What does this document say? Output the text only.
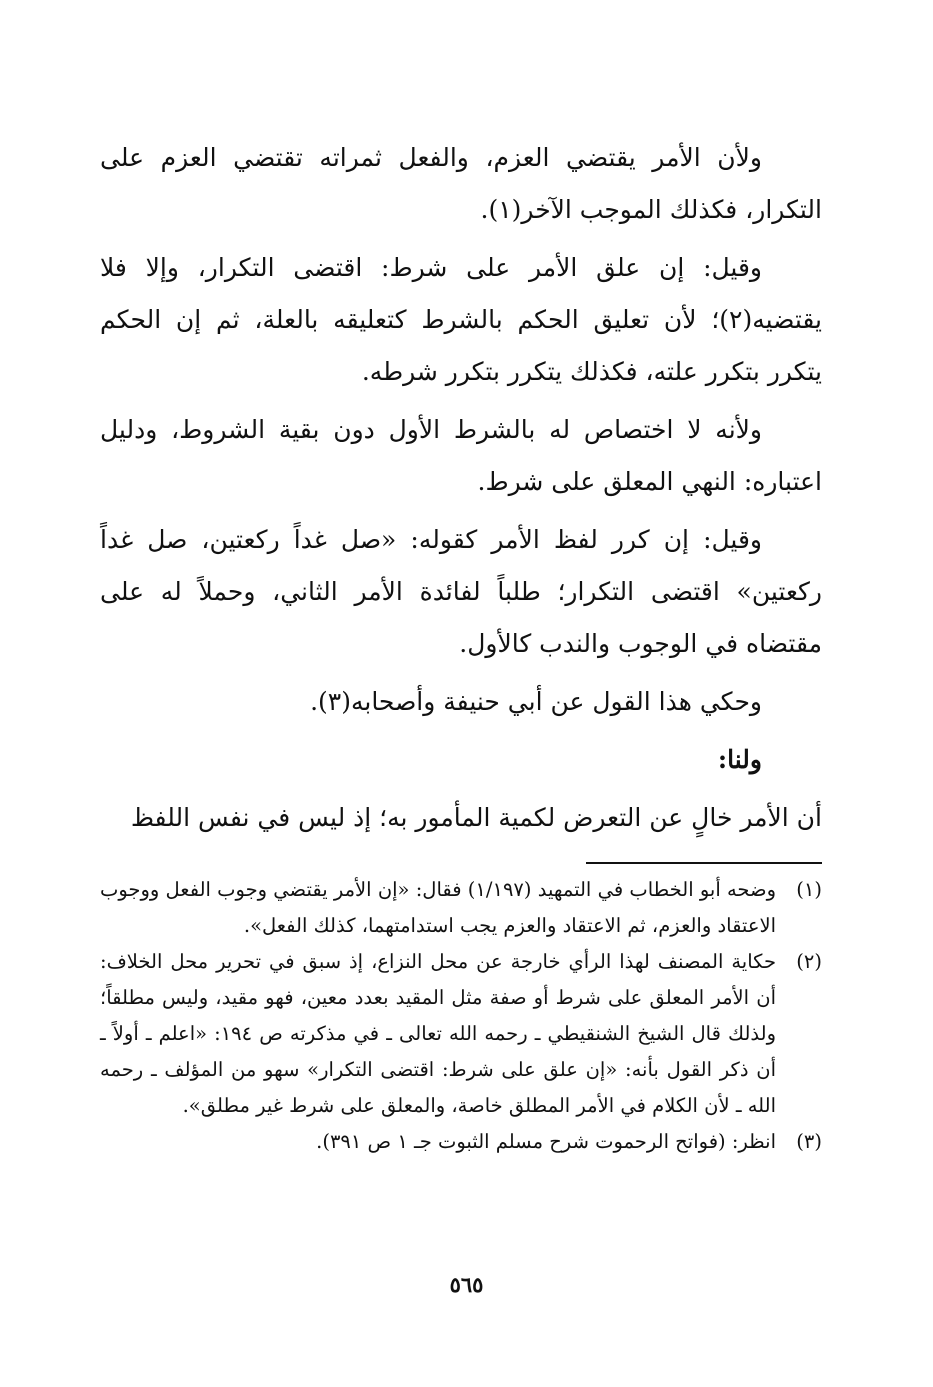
ولأن الأمر يقتضي العزم، والفعل ثمراته تقتضي العزم على التكرار، فكذلك الموجب الآخر(١).

وقيل: إن علق الأمر على شرط: اقتضى التكرار، وإلا فلا يقتضيه(٢)؛ لأن تعليق الحكم بالشرط كتعليقه بالعلة، ثم إن الحكم يتكرر بتكرر علته، فكذلك يتكرر بتكرر شرطه.

ولأنه لا اختصاص له بالشرط الأول دون بقية الشروط، ودليل اعتباره: النهي المعلق على شرط.

وقيل: إن كرر لفظ الأمر كقوله: «صل غداً ركعتين، صل غداً ركعتين» اقتضى التكرار؛ طلباً لفائدة الأمر الثاني، وحملاً له على مقتضاه في الوجوب والندب كالأول.

وحكي هذا القول عن أبي حنيفة وأصحابه(٣).

ولنا:

أن الأمر خالٍ عن التعرض لكمية المأمور به؛ إذ ليس في نفس اللفظ

(١)
وضحه أبو الخطاب في التمهيد (١/١٩٧) فقال: «إن الأمر يقتضي وجوب الفعل ووجوب الاعتقاد والعزم، ثم الاعتقاد والعزم يجب استدامتهما، كذلك الفعل».
(٢)
حكاية المصنف لهذا الرأي خارجة عن محل النزاع، إذ سبق في تحرير محل الخلاف: أن الأمر المعلق على شرط أو صفة مثل المقيد بعدد معين، فهو مقيد، وليس مطلقاً؛ ولذلك قال الشيخ الشنقيطي ـ رحمه الله تعالى ـ في مذكرته ص ١٩٤: «اعلم ـ أولاً ـ أن ذكر القول بأنه: «إن علق على شرط: اقتضى التكرار» سهو من المؤلف ـ رحمه الله ـ لأن الكلام في الأمر المطلق خاصة، والمعلق على شرط غير مطلق».
(٣)
انظر: (فواتح الرحموت شرح مسلم الثبوت جـ ١ ص ٣٩١).
٥٦٥
